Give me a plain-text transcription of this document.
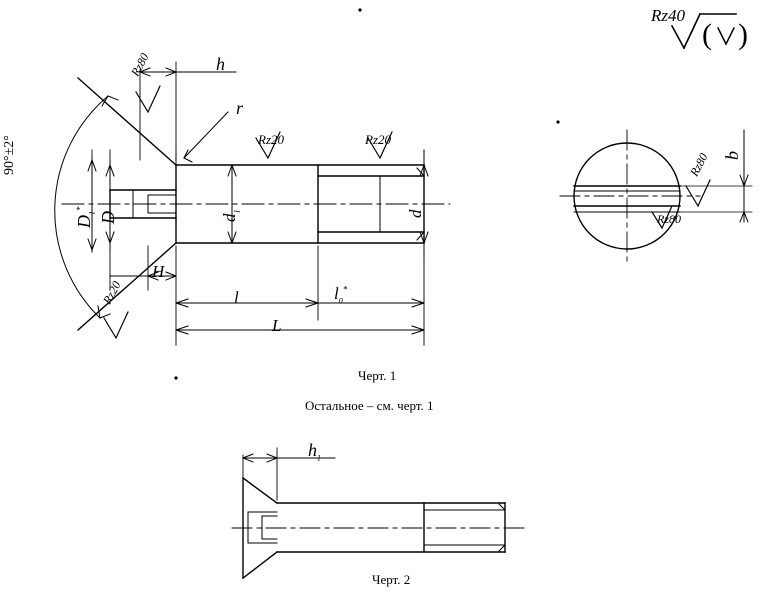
Rz40
90°±2°
h
r
Rz80
Rz20
Rz20	Rz20
$D_1^*$
D	$d_1$	d
H
l	$l_0^*$
L
Черт. 1
Остальное – см. черт. 1
b
Rz80
Rz80
( )
$h_1$
Черт. 2
